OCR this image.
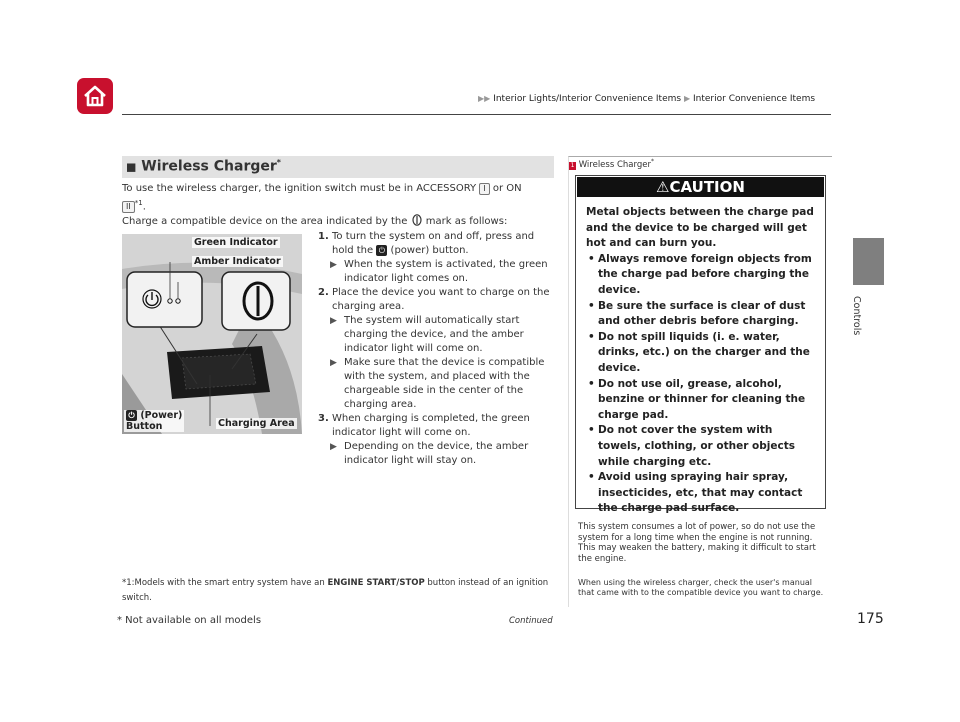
▶▶ Interior Lights/Interior Convenience Items ▶ Interior Convenience Items
Controls
■ Wireless Charger*
To use the wireless charger, the ignition switch must be in ACCESSORY I or ON
II $^{*1}$.
Charge a compatible device on the area indicated by the  mark as follows:
Green Indicator
Amber Indicator
⏻ (Power)
Button	Charging Area
1. To turn the system on and off, press and
hold the ⏻ (power) button.
▶ When the system is activated, the green indicator light comes on.
2. Place the device you want to charge on the charging area.
▶ The system will automatically start charging the device, and the amber indicator light will come on.
▶ Make sure that the device is compatible with the system, and placed with the chargeable side in the center of the charging area.
3. When charging is completed, the green indicator light will come on.
▶ Depending on the device, the amber indicator light will stay on.
*1:Models with the smart entry system have an ENGINE START/STOP button instead of an ignition switch.
1 Wireless Charger*
⚠CAUTION
Metal objects between the charge pad and the device to be charged will get hot and can burn you.
• Always remove foreign objects from the charge pad before charging the device.
• Be sure the surface is clear of dust and other debris before charging.
• Do not spill liquids (i. e. water, drinks, etc.) on the charger and the device.
• Do not use oil, grease, alcohol, benzine or thinner for cleaning the charge pad.
• Do not cover the system with towels, clothing, or other objects while charging etc.
• Avoid using spraying hair spray, insecticides, etc, that may contact the charge pad surface.
This system consumes a lot of power, so do not use the system for a long time when the engine is not running. This may weaken the battery, making it difficult to start the engine.
When using the wireless charger, check the user's manual that came with to the compatible device you want to charge.
* Not available on all models	Continued	175
